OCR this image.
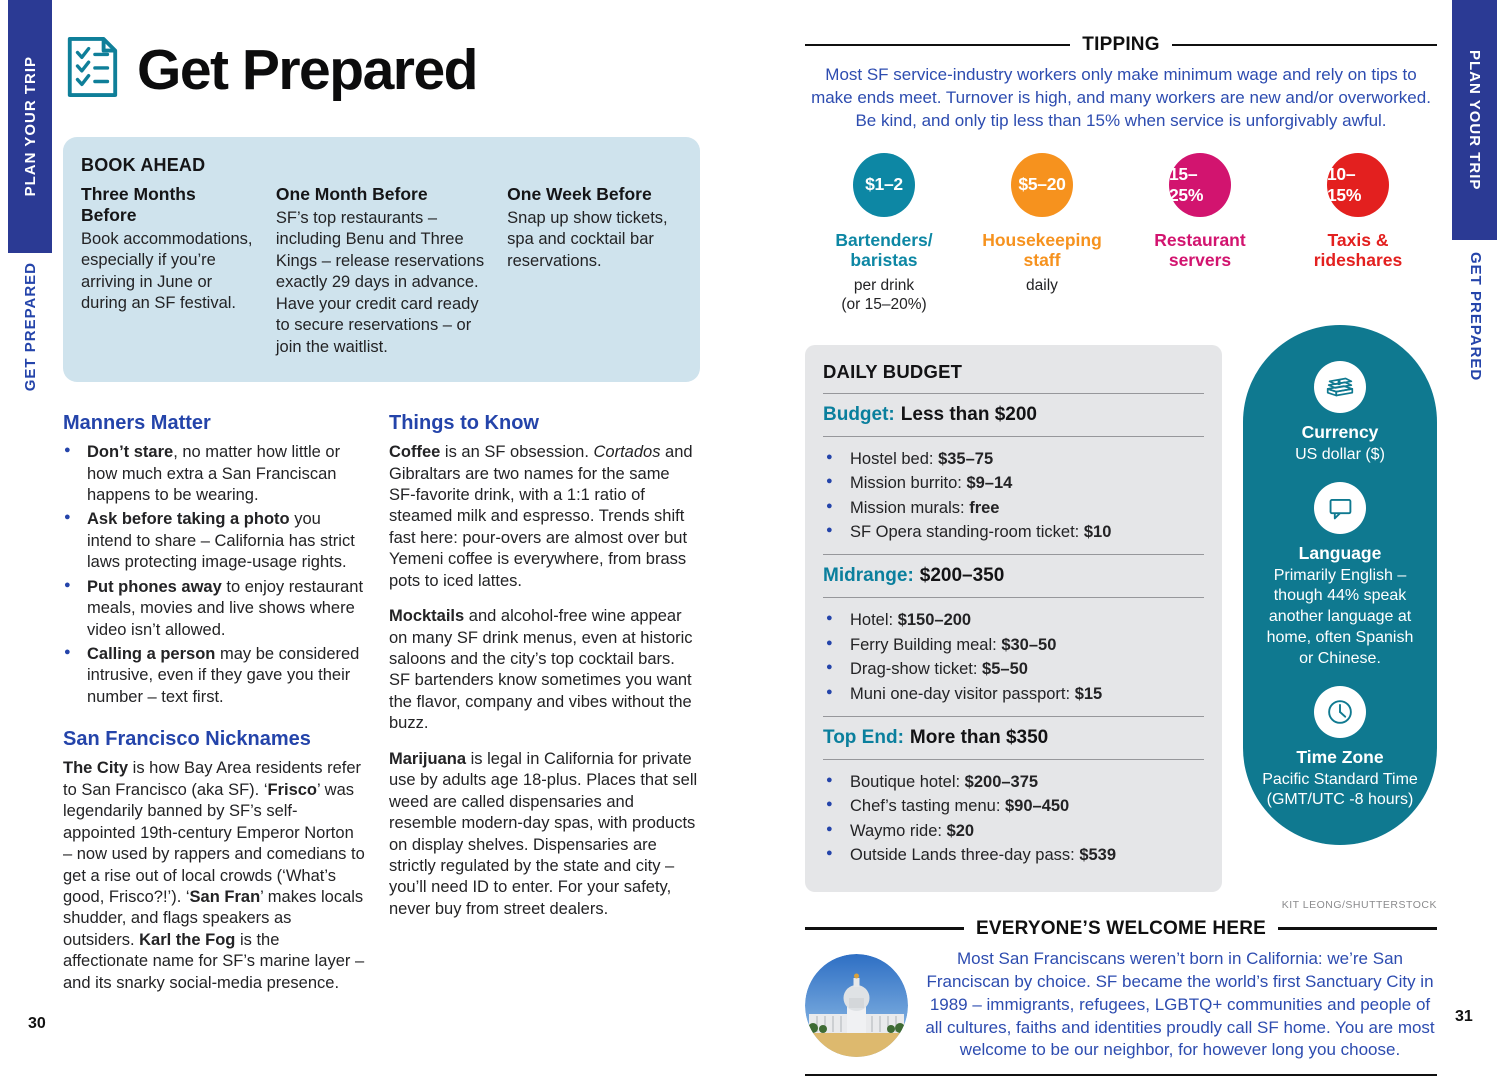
PLAN YOUR TRIP
GET PREPARED
PLAN YOUR TRIP
GET PREPARED
30	31
Get Prepared
BOOK AHEAD
Three Months Before

Book accommodations, especially if you’re arriving in June or during an SF festival.

One Month Before

SF’s top restaurants – including Benu and Three Kings – release reservations exactly 29 days in advance. Have your credit card ready to secure reservations – or join the waitlist.

One Week Before

Snap up show tickets, spa and cocktail bar reservations.

Manners Matter
● Don’t stare, no matter how little or how much extra a San Franciscan happens to be wearing.
● Ask before taking a photo you intend to share – California has strict laws protecting image-usage rights.
● Put phones away to enjoy restaurant meals, movies and live shows where video isn’t allowed.
● Calling a person may be considered intrusive, even if they gave you their number – text first.
San Francisco Nicknames

The City is how Bay Area residents refer to San Francisco (aka SF). ‘Frisco’ was legendarily banned by SF’s self-appointed 19th-century Emperor Norton – now used by rappers and comedians to get a rise out of local crowds (‘What’s good, Frisco?!’). ‘San Fran’ makes locals shudder, and flags speakers as outsiders. Karl the Fog is the affectionate name for SF’s marine layer – and its snarky social-media presence.

Things to Know

Coffee is an SF obsession. Cortados and Gibraltars are two names for the same SF-favorite drink, with a 1:1 ratio of steamed milk and espresso. Trends shift fast here: pour-overs are almost over but Yemeni coffee is everywhere, from brass pots to iced lattes.

Mocktails and alcohol-free wine appear on many SF drink menus, even at historic saloons and the city’s top cocktail bars. SF bartenders know sometimes you want the flavor, company and vibes without the buzz.

Marijuana is legal in California for private use by adults age 18-plus. Places that sell weed are called dispensaries and resemble modern-day spas, with products on display shelves. Dispensaries are strictly regulated by the state and city – you’ll need ID to enter. For your safety, never buy from street dealers.

TIPPING

Most SF service-industry workers only make minimum wage and rely on tips to make ends meet. Turnover is high, and many workers are new and/or overworked. Be kind, and only tip less than 15% when service is unforgivably awful.

$1–2
Bartenders/
baristas
per drink
(or 15–20%)
$5–20
Housekeeping
staff
daily
15–25%
Restaurant
servers
10–15%
Taxis &
rideshares
DAILY BUDGET
Budget: Less than $200
● Hostel bed: $35–75
● Mission burrito: $9–14
● Mission murals: free
● SF Opera standing-room ticket: $10
Midrange: $200–350
● Hotel: $150–200
● Ferry Building meal: $30–50
● Drag-show ticket: $5–50
● Muni one-day visitor passport: $15
Top End: More than $350
● Boutique hotel: $200–375
● Chef’s tasting menu: $90–450
● Waymo ride: $20
● Outside Lands three-day pass: $539
Currency
US dollar ($)
Language
Primarily English – though 44% speak another language at home, often Spanish or Chinese.
Time Zone
Pacific Standard Time (GMT/UTC -8 hours)
KIT LEONG/SHUTTERSTOCK
EVERYONE’S WELCOME HERE

Most San Franciscans weren’t born in California: we’re San Franciscan by choice. SF became the world’s first Sanctuary City in 1989 – immigrants, refugees, LGBTQ+ communities and people of all cultures, faiths and identities proudly call SF home. You are most welcome to be our neighbor, for however long you choose.
